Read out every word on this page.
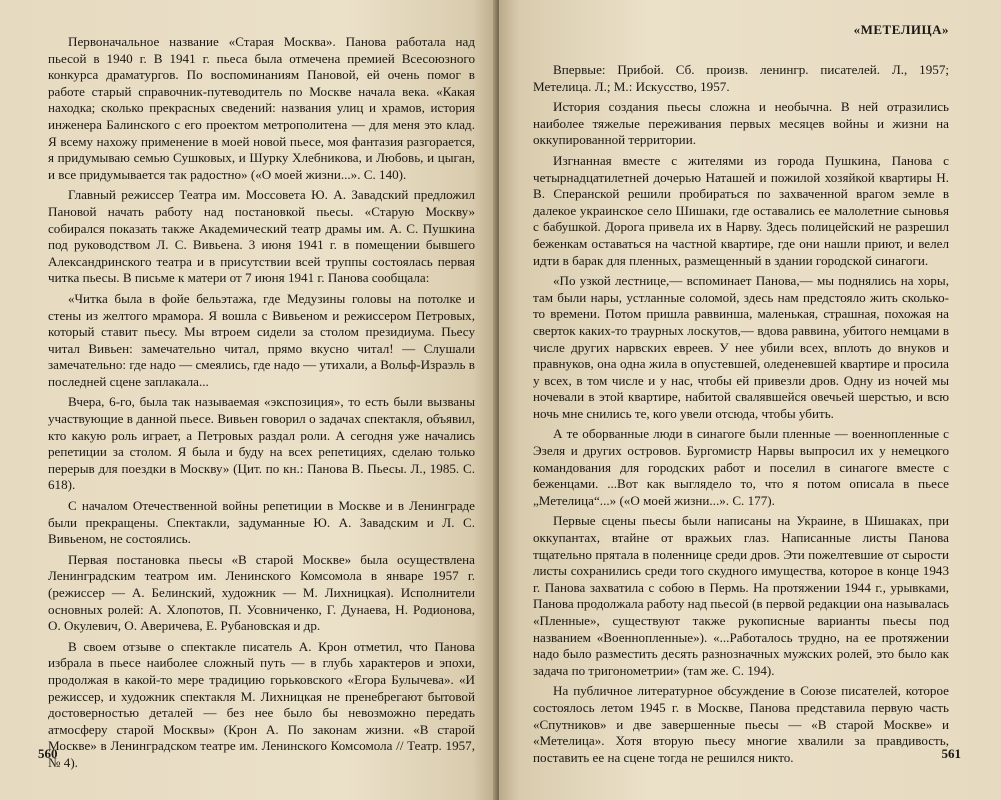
Первоначальное название «Старая Москва». Панова работала над пьесой в 1940 г. В 1941 г. пьеса была отмечена премией Всесоюзного конкурса драматургов. По воспоминаниям Пановой, ей очень помог в работе старый справочник-путеводитель по Москве начала века. «Какая находка; сколько прекрасных сведений: названия улиц и храмов, история инженера Балинского с его проектом метрополитена — для меня это клад. Я всему нахожу применение в моей новой пьесе, моя фантазия разгорается, я придумываю семью Сушковых, и Шурку Хлебникова, и Любовь, и цыган, и все придумывается так радостно» («О моей жизни...». С. 140).

Главный режиссер Театра им. Моссовета Ю. А. Завадский предложил Пановой начать работу над постановкой пьесы. «Старую Москву» собирался показать также Академический театр драмы им. А. С. Пушкина под руководством Л. С. Вивьена. 3 июня 1941 г. в помещении бывшего Александринского театра и в присутствии всей труппы состоялась первая читка пьесы. В письме к матери от 7 июня 1941 г. Панова сообщала:

«Читка была в фойе бельэтажа, где Медузины головы на потолке и стены из желтого мрамора. Я вошла с Вивьеном и режиссером Петровых, который ставит пьесу. Мы втроем сидели за столом президиума. Пьесу читал Вивьен: замечательно читал, прямо вкусно читал! — Слушали замечательно: где надо — смеялись, где надо — утихали, а Вольф-Израэль в последней сцене заплакала...

Вчера, 6-го, была так называемая «экспозиция», то есть были вызваны участвующие в данной пьесе. Вивьен говорил о задачах спектакля, объявил, кто какую роль играет, а Петровых раздал роли. А сегодня уже начались репетиции за столом. Я была и буду на всех репетициях, сделаю только перерыв для поездки в Москву» (Цит. по кн.: Панова В. Пьесы. Л., 1985. С. 618).

С началом Отечественной войны репетиции в Москве и в Ленинграде были прекращены. Спектакли, задуманные Ю. А. Завадским и Л. С. Вивьеном, не состоялись.

Первая постановка пьесы «В старой Москве» была осуществлена Ленинградским театром им. Ленинского Комсомола в январе 1957 г. (режиссер — А. Белинский, художник — М. Лихницкая). Исполнители основных ролей: А. Хлопотов, П. Усовниченко, Г. Дунаева, Н. Родионова, О. Окулевич, О. Аверичева, Е. Рубановская и др.

В своем отзыве о спектакле писатель А. Крон отметил, что Панова избрала в пьесе наиболее сложный путь — в глубь характеров и эпохи, продолжая в какой-то мере традицию горьковского «Егора Булычева». «И режиссер, и художник спектакля М. Лихницкая не пренебрегают бытовой достоверностью деталей — без нее было бы невозможно передать атмосферу старой Москвы» (Крон А. По законам жизни. «В старой Москве» в Ленинградском театре им. Ленинского Комсомола // Театр. 1957, № 4).

560
«МЕТЕЛИЦА»

Впервые: Прибой. Сб. произв. ленингр. писателей. Л., 1957; Метелица. Л.; М.: Искусство, 1957.

История создания пьесы сложна и необычна. В ней отразились наиболее тяжелые переживания первых месяцев войны и жизни на оккупированной территории.

Изгнанная вместе с жителями из города Пушкина, Панова с четырнадцатилетней дочерью Наташей и пожилой хозяйкой квартиры Н. В. Сперанской решили пробираться по захваченной врагом земле в далекое украинское село Шишаки, где оставались ее малолетние сыновья с бабушкой. Дорога привела их в Нарву. Здесь полицейский не разрешил беженкам оставаться на частной квартире, где они нашли приют, и велел идти в барак для пленных, размещенный в здании городской синагоги.

«По узкой лестнице,— вспоминает Панова,— мы поднялись на хоры, там были нары, устланные соломой, здесь нам предстояло жить сколько-то времени. Потом пришла раввинша, маленькая, страшная, похожая на сверток каких-то траурных лоскутов,— вдова раввина, убитого немцами в числе других нарвских евреев. У нее убили всех, вплоть до внуков и правнуков, она одна жила в опустевшей, оледеневшей квартире и просила у всех, в том числе и у нас, чтобы ей привезли дров. Одну из ночей мы ночевали в этой квартире, набитой свалявшейся овечьей шерстью, и всю ночь мне снились те, кого увели отсюда, чтобы убить.

А те оборванные люди в синагоге были пленные — военнопленные с Эзеля и других островов. Бургомистр Нарвы выпросил их у немецкого командования для городских работ и поселил в синагоге вместе с беженцами. ...Вот как выглядело то, что я потом описала в пьесе „Метелица“...» («О моей жизни...». С. 177).

Первые сцены пьесы были написаны на Украине, в Шишаках, при оккупантах, втайне от вражьих глаз. Написанные листы Панова тщательно прятала в поленнице среди дров. Эти пожелтевшие от сырости листы сохранились среди того скудного имущества, которое в конце 1943 г. Панова захватила с собою в Пермь. На протяжении 1944 г., урывками, Панова продолжала работу над пьесой (в первой редакции она называлась «Пленные», существуют также рукописные варианты пьесы под названием «Военнопленные»). «...Работалось трудно, на ее протяжении надо было разместить десять разнозначных мужских ролей, это было как задача по тригонометрии» (там же. С. 194).

На публичное литературное обсуждение в Союзе писателей, которое состоялось летом 1945 г. в Москве, Панова представила первую часть «Спутников» и две завершенные пьесы — «В старой Москве» и «Метелица». Хотя вторую пьесу многие хвалили за правдивость, поставить ее на сцене тогда не решился никто.	561
